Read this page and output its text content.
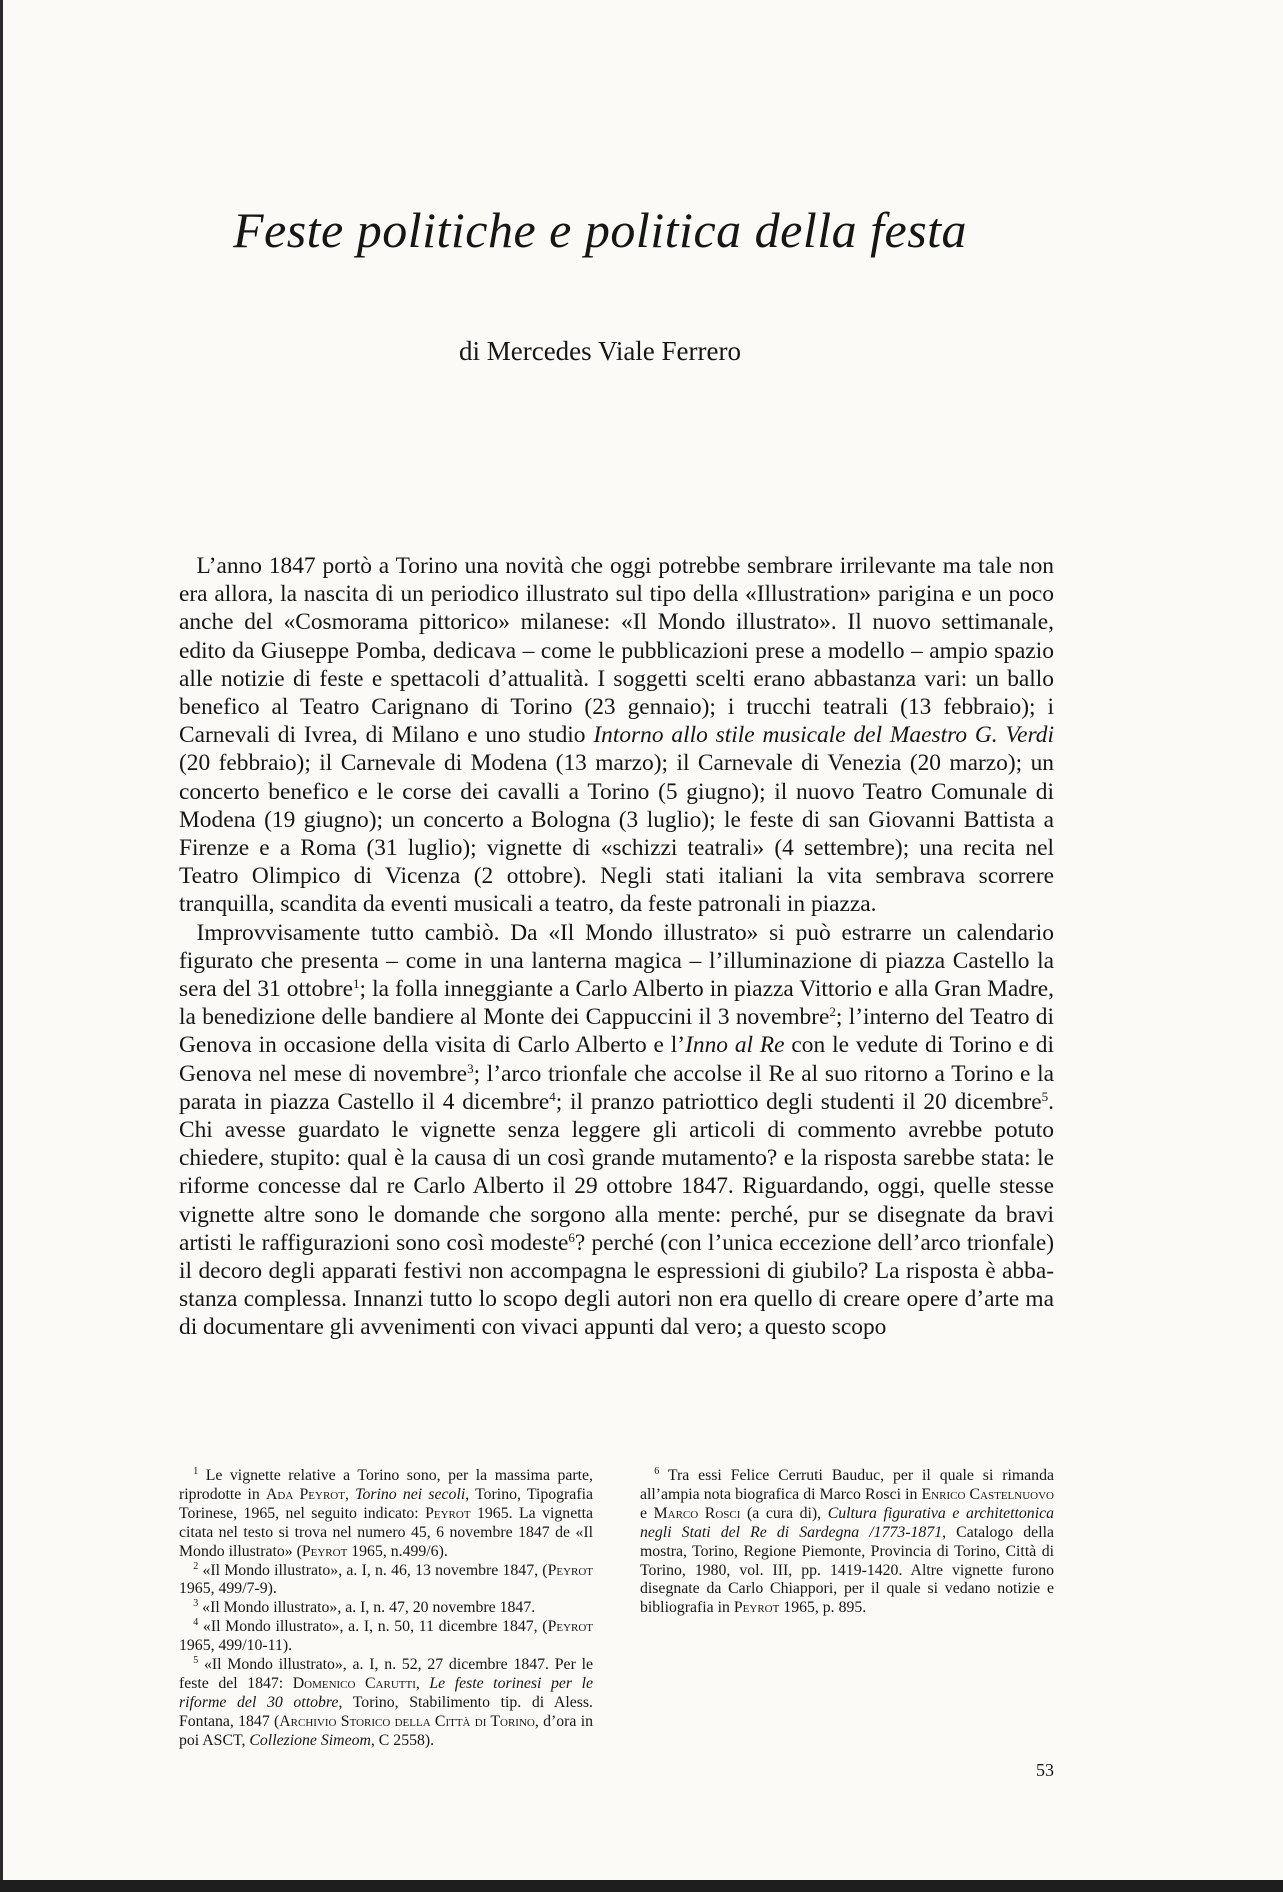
Feste politiche e politica della festa

di Mercedes Viale Ferrero

L’anno 1847 portò a Torino una novità che oggi potrebbe sembrare irrilevante ma tale non era allora, la nascita di un periodico illustrato sul tipo della «Illustration» parigina e un poco anche del «Cosmorama pittorico» milanese: «Il Mondo illustrato». Il nuovo settimanale, edito da Giuseppe Pomba, dedicava – come le pubblicazioni prese a modello – ampio spazio alle notizie di feste e spettacoli d’attualità. I soggetti scelti erano abbastanza vari: un ballo benefico al Teatro Carignano di Torino (23 gennaio); i trucchi teatrali (13 febbraio); i Carnevali di Ivrea, di Milano e uno studio Intorno allo stile musicale del Maestro G. Verdi (20 febbraio); il Carnevale di Modena (13 marzo); il Carnevale di Venezia (20 marzo); un concerto benefico e le corse dei cavalli a Torino (5 giugno); il nuovo Teatro Comunale di Modena (19 giugno); un concerto a Bologna (3 luglio); le feste di san Giovanni Battista a Firenze e a Roma (31 luglio); vignette di «schizzi teatrali» (4 settembre); una recita nel Teatro Olimpico di Vicenza (2 ottobre). Negli stati italiani la vita sembrava scorrere tranquilla, scandita da eventi musicali a teatro, da feste patronali in piazza.

Improvvisamente tutto cambiò. Da «Il Mondo illustrato» si può estrarre un calendario figurato che presenta – come in una lanterna magica – l’illuminazione di piazza Castello la sera del 31 ottobre$^1$; la folla inneggiante a Carlo Alberto in piazza Vittorio e alla Gran Madre, la benedizione delle bandiere al Monte dei Cappuccini il 3 novembre$^2$; l’interno del Teatro di Genova in occasione della visita di Carlo Alberto e l’Inno al Re con le vedute di Torino e di Genova nel mese di novembre$^3$; l’arco trionfale che accolse il Re al suo ritorno a Torino e la parata in piazza Castello il 4 dicembre$^4$; il pranzo patriottico degli studenti il 20 dicembre$^5$. Chi avesse guardato le vignette senza leggere gli articoli di commento avrebbe potuto chiedere, stupito: qual è la causa di un così grande mutamento? e la risposta sarebbe stata: le riforme concesse dal re Carlo Alberto il 29 ottobre 1847. Riguardando, oggi, quelle stesse vignette altre sono le domande che sorgono alla mente: perché, pur se disegnate da bravi artisti le raffigurazioni sono così modeste$^6$? perché (con l’unica eccezione dell’arco trionfale) il decoro degli apparati festivi non accompagna le espressioni di giubilo? La risposta è abbastanza complessa. Innanzi tutto lo scopo degli autori non era quello di creare opere d’arte ma di documentare gli avvenimenti con vivaci appunti dal vero; a questo scopo

$^1$ Le vignette relative a Torino sono, per la massima parte, riprodotte in Ada Peyrot, Torino nei secoli, Torino, Tipografia Torinese, 1965, nel seguito indicato: Peyrot 1965. La vignetta citata nel testo si trova nel numero 45, 6 novembre 1847 de «Il Mondo illustrato» (Peyrot 1965, n.499/6).

$^2$ «Il Mondo illustrato», a. I, n. 46, 13 novembre 1847, (Peyrot 1965, 499/7-9).

$^3$ «Il Mondo illustrato», a. I, n. 47, 20 novembre 1847.

$^4$ «Il Mondo illustrato», a. I, n. 50, 11 dicembre 1847, (Peyrot 1965, 499/10-11).

$^5$ «Il Mondo illustrato», a. I, n. 52, 27 dicembre 1847. Per le feste del 1847: Domenico Carutti, Le feste torinesi per le riforme del 30 ottobre, Torino, Stabilimento tip. di Aless. Fontana, 1847 (Archivio Storico della Città di Torino, d’ora in poi ASCT, Collezione Simeom, C 2558).

$^6$ Tra essi Felice Cerruti Bauduc, per il quale si rimanda all’ampia nota biografica di Marco Rosci in Enrico Castelnuovo e Marco Rosci (a cura di), Cultura figurativa e architettonica negli Stati del Re di Sardegna /1773-1871, Catalogo della mostra, Torino, Regione Piemonte, Provincia di Torino, Città di Torino, 1980, vol. III, pp. 1419-1420. Altre vignette furono disegnate da Carlo Chiappori, per il quale si vedano notizie e bibliografia in Peyrot 1965, p. 895.

53
